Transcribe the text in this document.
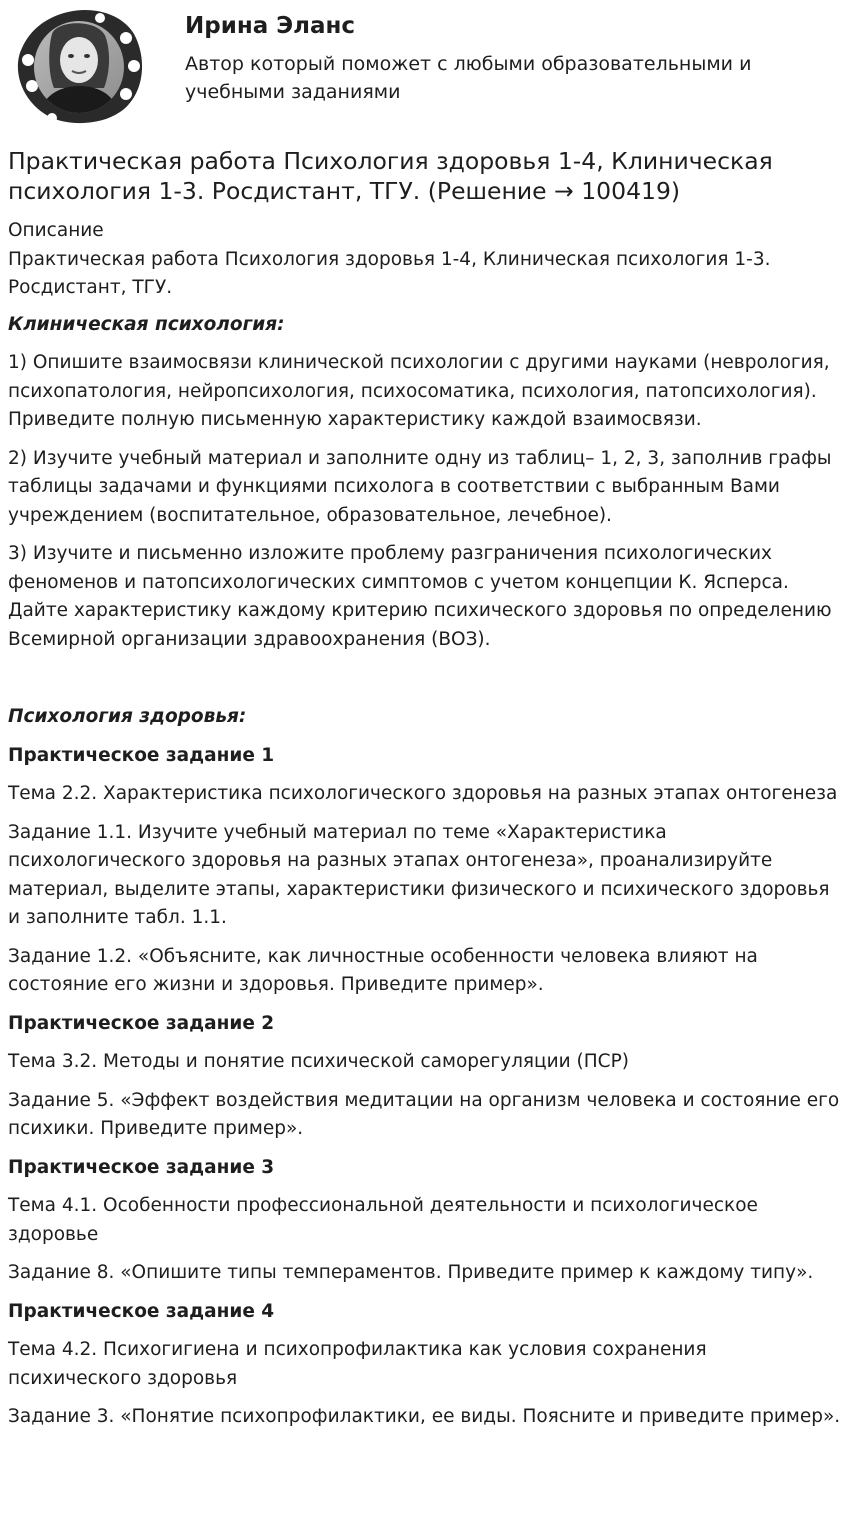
Ирина Эланс
Автор который поможет с любыми образовательными и учебными заданиями
Практическая работа Психология здоровья 1-4, Клиническая психология 1-3. Росдистант, ТГУ. (Решение → 100419)

Описание

Практическая работа Психология здоровья 1-4, Клиническая психология 1-3. Росдистант, ТГУ.

Клиническая психология:

1) Опишите взаимосвязи клинической психологии с другими науками (неврология, психопатология, нейропсихология, психосоматика, психология, патопсихология). Приведите полную письменную характеристику каждой взаимосвязи.

2) Изучите учебный материал и заполните одну из таблиц– 1, 2, 3, заполнив графы таблицы задачами и функциями психолога в соответствии с выбранным Вами учреждением (воспитательное, образовательное, лечебное).

3) Изучите и письменно изложите проблему разграничения психологических феноменов и патопсихологических симптомов с учетом концепции К. Ясперса. Дайте характеристику каждому критерию психического здоровья по определению Всемирной организации здравоохранения (ВОЗ).

Психология здоровья:

Практическое задание 1

Тема 2.2. Характеристика психологического здоровья на разных этапах онтогенеза

Задание 1.1. Изучите учебный материал по теме «Характеристика психологического здоровья на разных этапах онтогенеза», проанализируйте материал, выделите этапы, характеристики физического и психического здоровья и заполните табл. 1.1.

Задание 1.2. «Объясните, как личностные особенности человека влияют на состояние его жизни и здоровья. Приведите пример».

Практическое задание 2

Тема 3.2. Методы и понятие психической саморегуляции (ПСР)

Задание 5. «Эффект воздействия медитации на организм человека и состояние его психики. Приведите пример».

Практическое задание 3

Тема 4.1. Особенности профессиональной деятельности и психологическое здоровье

Задание 8. «Опишите типы темпераментов. Приведите пример к каждому типу».

Практическое задание 4

Тема 4.2. Психогигиена и психопрофилактика как условия сохранения психического здоровья

Задание 3. «Понятие психопрофилактики, ее виды. Поясните и приведите пример».
